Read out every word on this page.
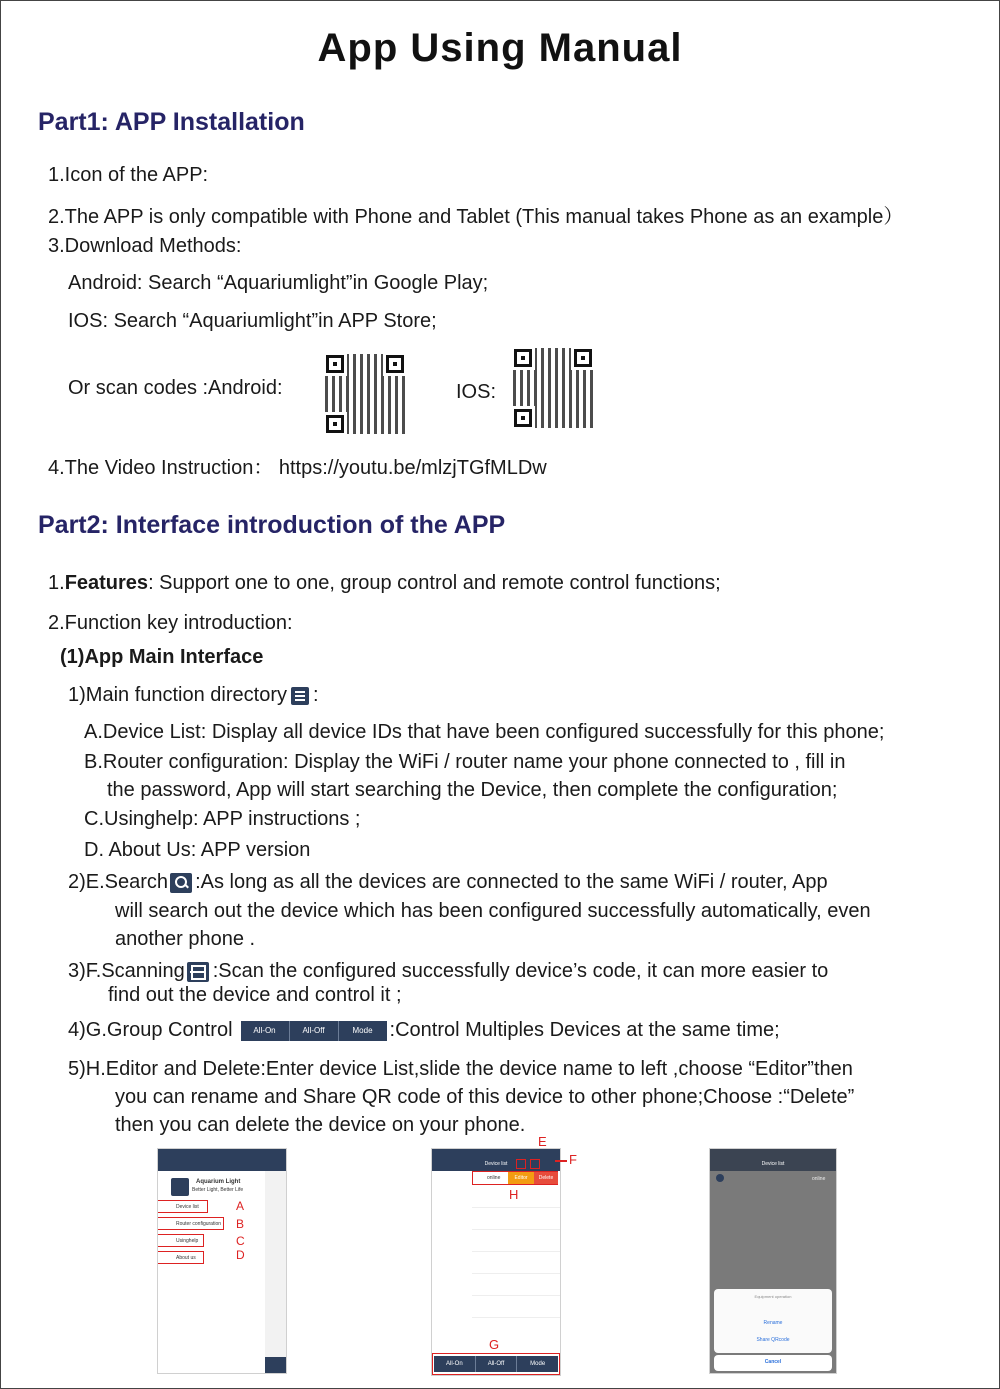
App Using Manual
Part1: APP Installation
1.Icon of the APP:
2.The APP is only compatible with Phone and Tablet (This manual takes Phone as an example）
3.Download Methods:
Android: Search “Aquariumlight”in Google Play;
IOS: Search “Aquariumlight”in APP Store;
Or scan codes :Android:	IOS:
4.The Video Instruction： https://youtu.be/mlzjTGfMLDw
Part2: Interface introduction of the APP
1.Features: Support one to one, group control and remote control functions;
2.Function key introduction:
(1)App Main Interface
1)Main function directory :
A.Device List: Display all device IDs that have been configured successfully for this phone;
B.Router configuration: Display the WiFi / router name your phone connected to , fill in
the password, App will start searching the Device, then complete the configuration;
C.Usinghelp: APP instructions ;
D. About Us: APP version
2)E.Search :As long as all the devices are connected to the same WiFi / router, App
will search out the device which has been configured successfully automatically, even
another phone .
3)F.Scanning :Scan the configured successfully device’s code, it can more easier to
find out the device and control it ;
4)G.Group Control	All-On	All-Off	Mode :Control Multiples Devices at the same time;
5)H.Editor and Delete:Enter device List,slide the device name to left ,choose “Editor”then
you can rename and Share QR code of this device to other phone;Choose :“Delete”
then you can delete the device on your phone.
Aquarium Light
Better Light, Better Life
Device list
Router configuration
Usinghelp
About us
A
B
C
D
Device list
online	Editor	Delete
All-On	All-Off	Mode
E
F
H
G
Device list
online
Equipment operation
Rename
Share QRcode
Cancel
